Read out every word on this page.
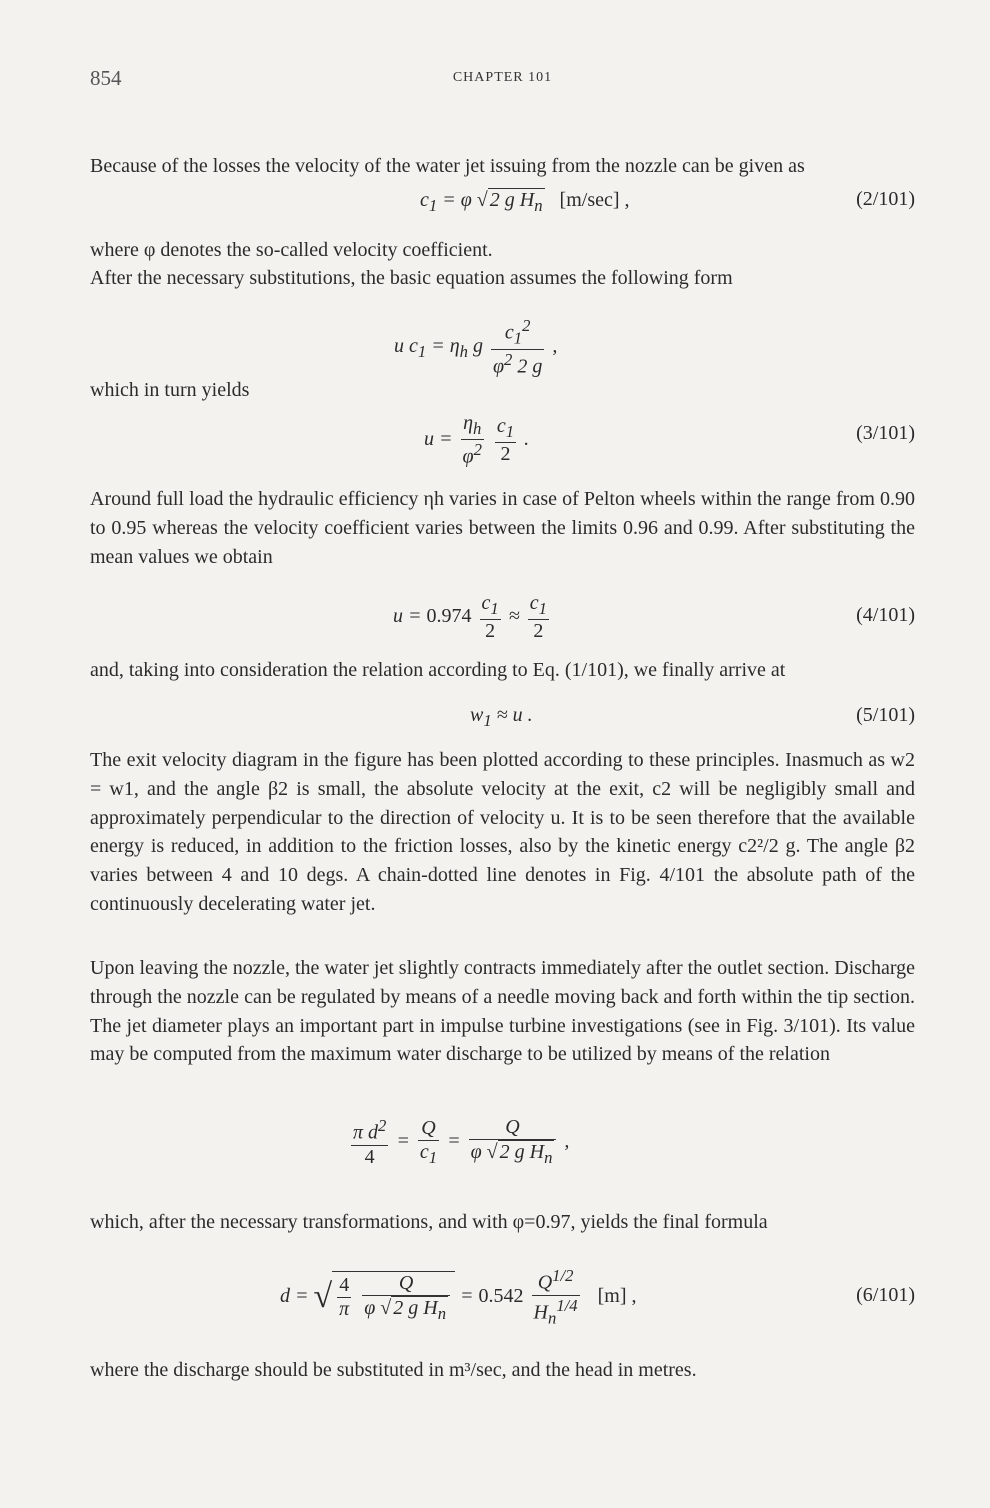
854	CHAPTER 101
Because of the losses the velocity of the water jet issuing from the nozzle can be given as
$c_1 = \varphi$ √ 2 g $H_n$ [m/sec] ,	(2/101)
where φ denotes the so-called velocity coefficient.
After the necessary substitutions, the basic equation assumes the following form
u $c_1 = \eta_h$ g $\frac{c_1^2}{\varphi^2 2 g}$ ,
which in turn yields
$u = \frac{\eta_h}{\varphi^2}$
$\frac{c_1}{2}$ .	(3/101)
Around full load the hydraulic efficiency ηh varies in case of Pelton wheels within the range from 0.90 to 0.95 whereas the velocity coefficient varies between the limits 0.96 and 0.99. After substituting the mean values we obtain
$u = 0.974 \frac{c_1}{2} \approx \frac{c_1}{2}$	(4/101)
and, taking into consideration the relation according to Eq. (1/101), we finally arrive at
$w_1 \approx u$ .	(5/101)
The exit velocity diagram in the figure has been plotted according to these principles. Inasmuch as w2 = w1, and the angle β2 is small, the absolute velocity at the exit, c2 will be negligibly small and approximately perpendicular to the direction of velocity u. It is to be seen therefore that the available energy is reduced, in addition to the friction losses, also by the kinetic energy c2²/2 g. The angle β2 varies between 4 and 10 degs. A chain-dotted line denotes in Fig. 4/101 the absolute path of the continuously decelerating water jet.
Upon leaving the nozzle, the water jet slightly contracts immediately after the outlet section. Discharge through the nozzle can be regulated by means of a needle moving back and forth within the tip section. The jet diameter plays an important part in impulse turbine investigations (see in Fig. 3/101). Its value may be computed from the maximum water discharge to be utilized by means of the relation
$\frac{\pi d^2}{4} = \frac{Q}{c_1} = \frac{Q}{\varphi √ 2 g H_n}$ ,
which, after the necessary transformations, and with φ=0.97, yields the final formula
d = √ $\frac{4}{\pi}$
$\frac{Q}{\varphi √ 2 g H_n} = 0.542 \frac{Q^{1/2}}{H_n^{1/4}} [m]$ ,	(6/101)
where the discharge should be substituted in m³/sec, and the head in metres.
